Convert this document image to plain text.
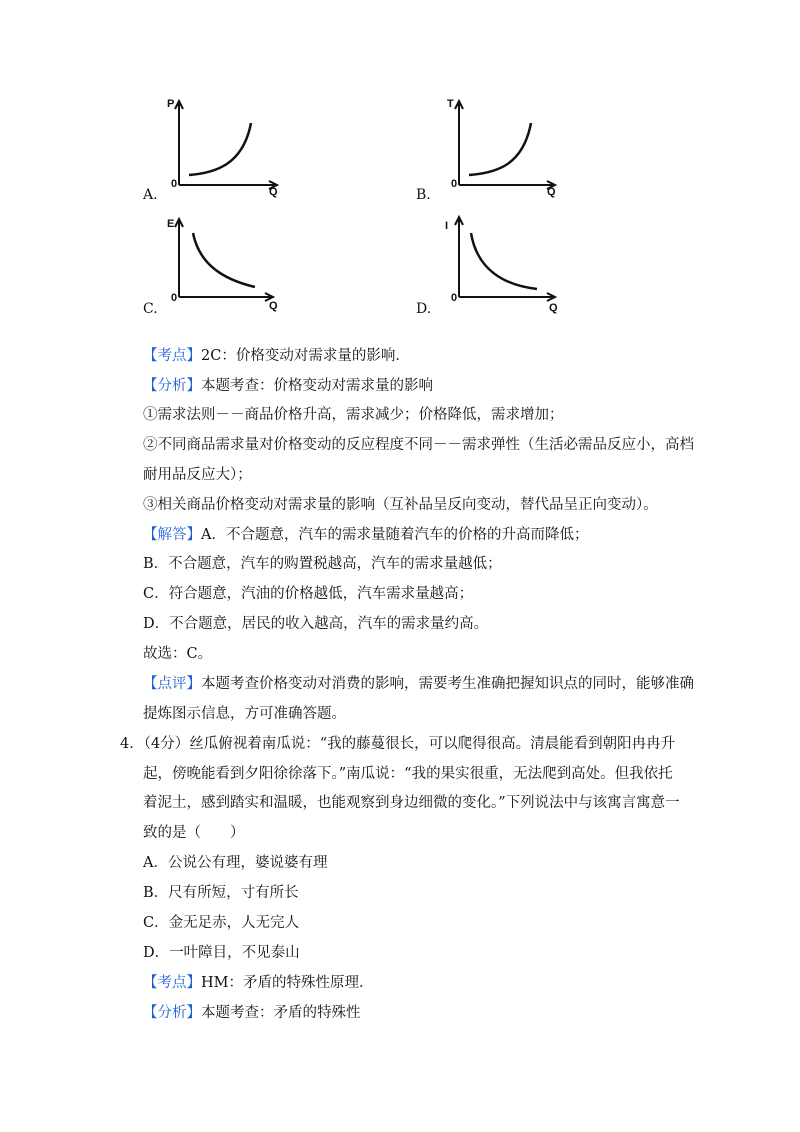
A.
P
0
Q	B.
T
0
Q
C.
E
0
Q	D.
I
0
Q
【考点】2C：价格变动对需求量的影响．
【分析】本题考查：价格变动对需求量的影响
①需求法则－－商品价格升高，需求减少；价格降低，需求增加；
②不同商品需求量对价格变动的反应程度不同－－需求弹性（生活必需品反应小，高档
耐用品反应大）；
③相关商品价格变动对需求量的影响（互补品呈反向变动，替代品呈正向变动）。
【解答】A．不合题意，汽车的需求量随着汽车的价格的升高而降低；
B．不合题意，汽车的购置税越高，汽车的需求量越低；
C．符合题意，汽油的价格越低，汽车需求量越高；
D．不合题意，居民的收入越高，汽车的需求量约高。
故选：C。
【点评】本题考查价格变动对消费的影响，需要考生准确把握知识点的同时，能够准确
提炼图示信息，方可准确答题。
4．（4分）丝瓜俯视着南瓜说：“我的藤蔓很长，可以爬得很高。清晨能看到朝阳冉冉升
起，傍晚能看到夕阳徐徐落下。”南瓜说：“我的果实很重，无法爬到高处。但我依托
着泥土，感到踏实和温暖，也能观察到身边细微的变化。”下列说法中与该寓言寓意一
致的是（　　）
A．公说公有理，婆说婆有理
B．尺有所短，寸有所长
C．金无足赤，人无完人
D．一叶障目，不见泰山
【考点】HM：矛盾的特殊性原理．
【分析】本题考查：矛盾的特殊性
